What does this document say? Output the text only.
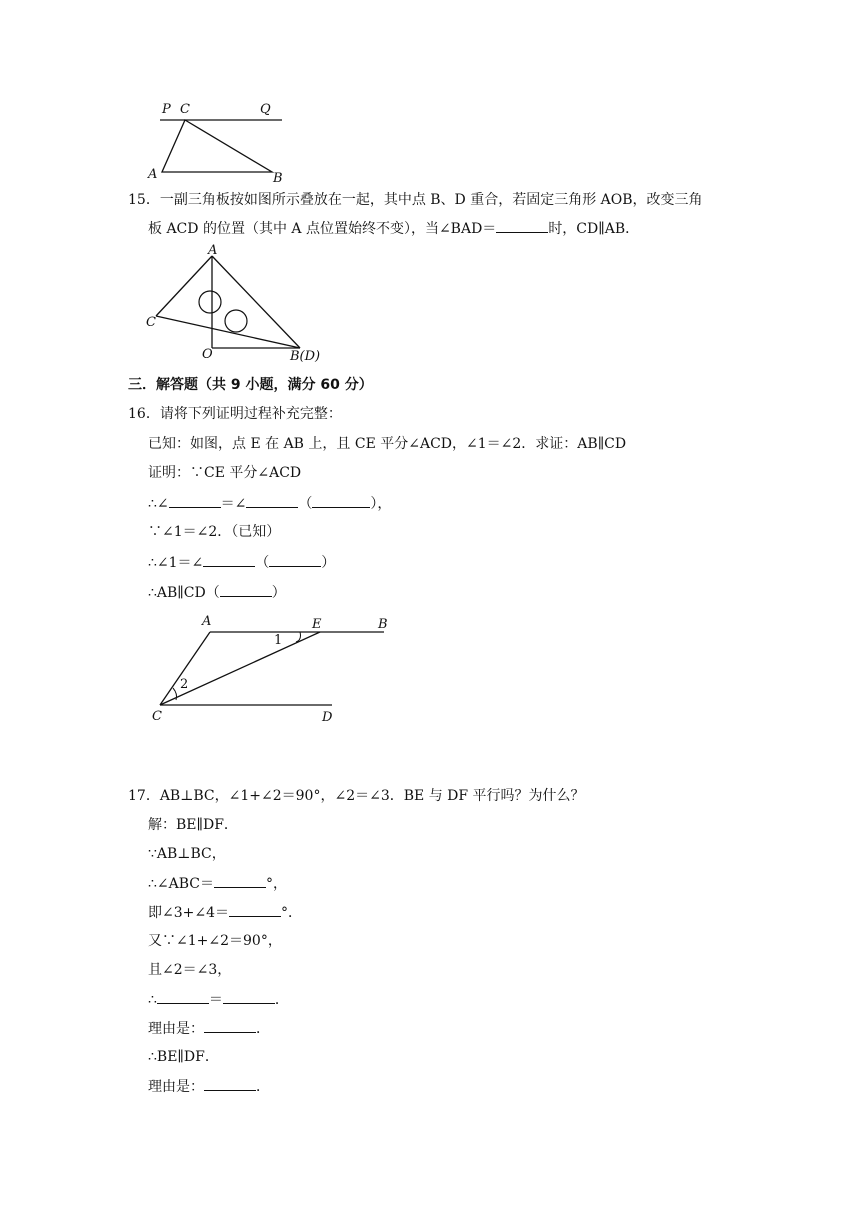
P C	Q
A	B
15．一副三角板按如图所示叠放在一起，其中点 B、D 重合，若固定三角形 AOB，改变三角
板 ACD 的位置（其中 A 点位置始终不变），当∠BAD＝	时，CD∥AB．
A
C
O	B(D)
三．解答题（共 9 小题，满分 60 分）
16．请将下列证明过程补充完整：
已知：如图，点 E 在 AB 上，且 CE 平分∠ACD，∠1＝∠2．求证：AB∥CD
证明：∵CE 平分∠ACD
∴∠	＝∠	（	），
∵∠1＝∠2．（已知）
∴∠1＝∠	（	）
∴AB∥CD（	）
A	E	B
1
2
C	D
17．AB⊥BC，∠1+∠2＝90°，∠2＝∠3．BE 与 DF 平行吗？为什么？
解：BE∥DF．
∵AB⊥BC，
∴∠ABC＝	°，
即∠3+∠4＝	°．
又∵∠1+∠2＝90°，
且∠2＝∠3，
∴	＝	．
理由是：	．
∴BE∥DF．
理由是：	．
